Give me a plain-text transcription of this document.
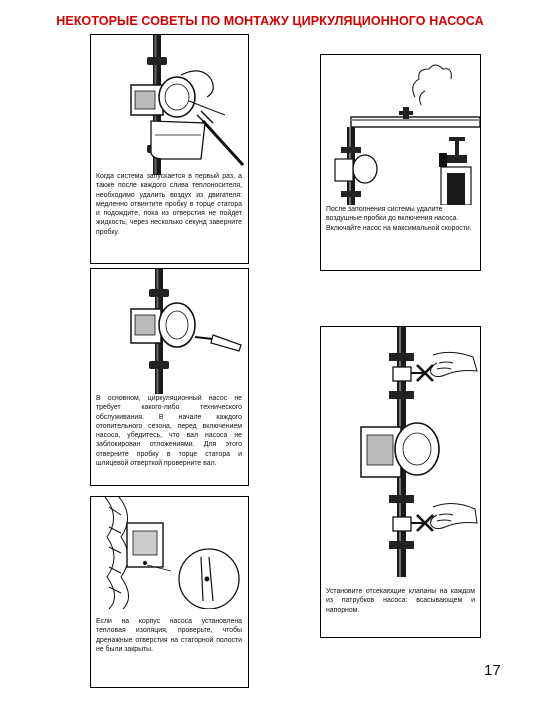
НЕКОТОРЫЕ СОВЕТЫ ПО МОНТАЖУ ЦИРКУЛЯЦИОННОГО НАСОСА
Когда система запускается в первый раз, а также после каждого слива теплоносителя, необходимо удалить воздух из двигателя: медленно отвинтите пробку в торце статора и подождите, пока из отверстия не пойдет жидкость, через несколько секунд заверните пробку.
После заполнения системы удалите воздушные пробки до включения насоса.
Включайте насос на максимальной скорости.
В основном, циркуляционный насос не требует какого-либо технического обслуживания. В начале каждого отопительного сезона, перед включением насоса, убедитесь, что вал насоса не заблокирован отложениями. Для этого отверните пробку в торце статора и шлицевой отверткой проверните вал.
Установите отсекающие клапаны на каждом из патрубков насоса: всасывающем и напорном.
Если на корпус насоса установлена тепловая изоляция, проверьте, чтобы дренажные отверстия на статорной полости не были закрыты.
17
